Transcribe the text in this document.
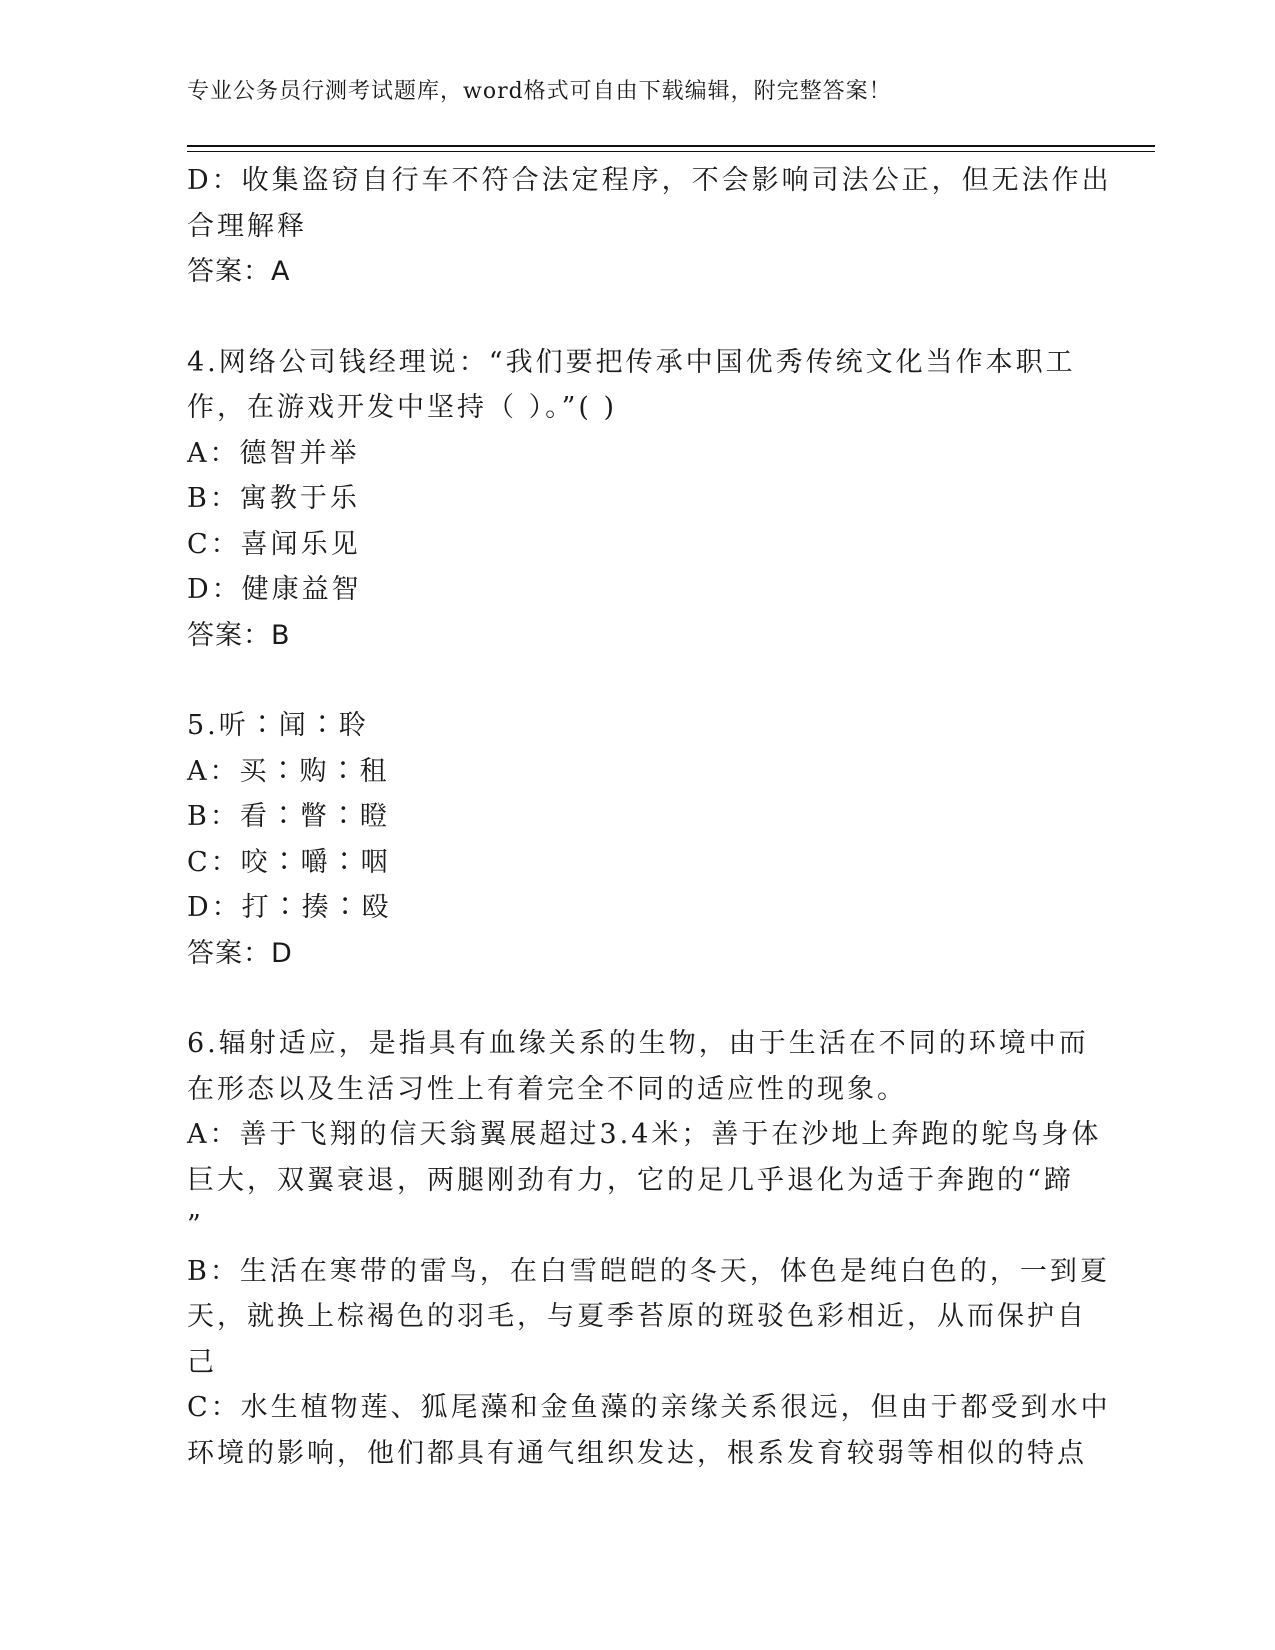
专业公务员行测考试题库，word格式可自由下载编辑，附完整答案！
D：收集盗窃自行车不符合法定程序，不会影响司法公正，但无法作出
合理解释
答案：A
4.网络公司钱经理说：“我们要把传承中国优秀传统文化当作本职工
作，在游戏开发中坚持（ ）。”( )
A：德智并举
B：寓教于乐
C：喜闻乐见
D：健康益智
答案：B
5.听∶闻∶聆
A：买∶购∶租
B：看∶瞥∶瞪
C：咬∶嚼∶咽
D：打∶揍∶殴
答案：D
6.辐射适应，是指具有血缘关系的生物，由于生活在不同的环境中而
在形态以及生活习性上有着完全不同的适应性的现象。
A：善于飞翔的信天翁翼展超过3.4米；善于在沙地上奔跑的鸵鸟身体
巨大，双翼衰退，两腿刚劲有力，它的足几乎退化为适于奔跑的“蹄
”
B：生活在寒带的雷鸟，在白雪皑皑的冬天，体色是纯白色的，一到夏
天，就换上棕褐色的羽毛，与夏季苔原的斑驳色彩相近，从而保护自
己
C：水生植物莲、狐尾藻和金鱼藻的亲缘关系很远，但由于都受到水中
环境的影响，他们都具有通气组织发达，根系发育较弱等相似的特点
